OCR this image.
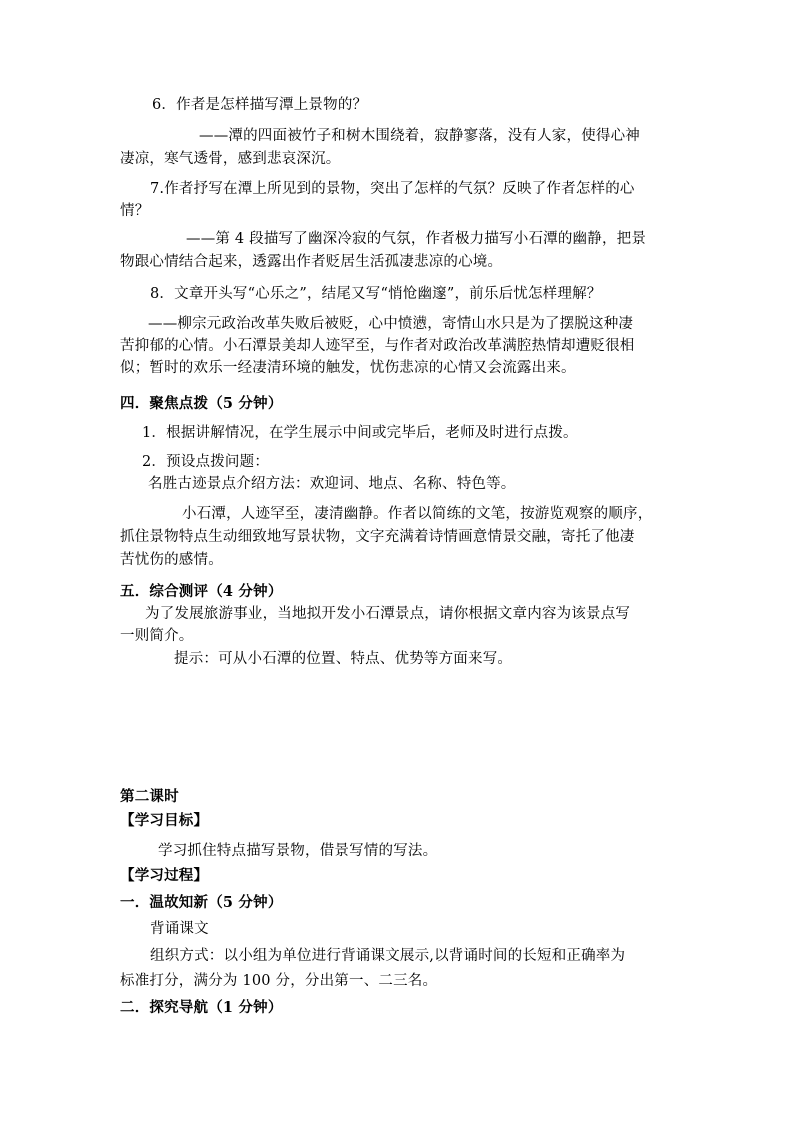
6．作者是怎样描写潭上景物的？
——潭的四面被竹子和树木围绕着，寂静寥落，没有人家，使得心神
凄凉，寒气透骨，感到悲哀深沉。
7.作者抒写在潭上所见到的景物，突出了怎样的气氛？反映了作者怎样的心
情？
——第 4 段描写了幽深冷寂的气氛，作者极力描写小石潭的幽静，把景
物跟心情结合起来，透露出作者贬居生活孤凄悲凉的心境。
8．文章开头写“心乐之”，结尾又写“悄怆幽邃”，前乐后忧怎样理解？
——柳宗元政治改革失败后被贬，心中愤懑，寄情山水只是为了摆脱这种凄
苦抑郁的心情。小石潭景美却人迹罕至，与作者对政治改革满腔热情却遭贬很相
似；暂时的欢乐一经凄清环境的触发，忧伤悲凉的心情又会流露出来。
四．聚焦点拨（5 分钟）
1．根据讲解情况，在学生展示中间或完毕后，老师及时进行点拨。
2．预设点拨问题：
名胜古迹景点介绍方法：欢迎词、地点、名称、特色等。
小石潭，人迹罕至，凄清幽静。作者以简练的文笔，按游览观察的顺序，
抓住景物特点生动细致地写景状物，文字充满着诗情画意情景交融，寄托了他凄
苦忧伤的感情。
五．综合测评（4 分钟）
为了发展旅游事业，当地拟开发小石潭景点，请你根据文章内容为该景点写
一则简介。
提示：可从小石潭的位置、特点、优势等方面来写。
第二课时
【学习目标】
学习抓住特点描写景物，借景写情的写法。
【学习过程】
一．温故知新（5 分钟）
背诵课文
组织方式：以小组为单位进行背诵课文展示,以背诵时间的长短和正确率为
标准打分，满分为 100 分，分出第一、二三名。
二．探究导航（1 分钟）
